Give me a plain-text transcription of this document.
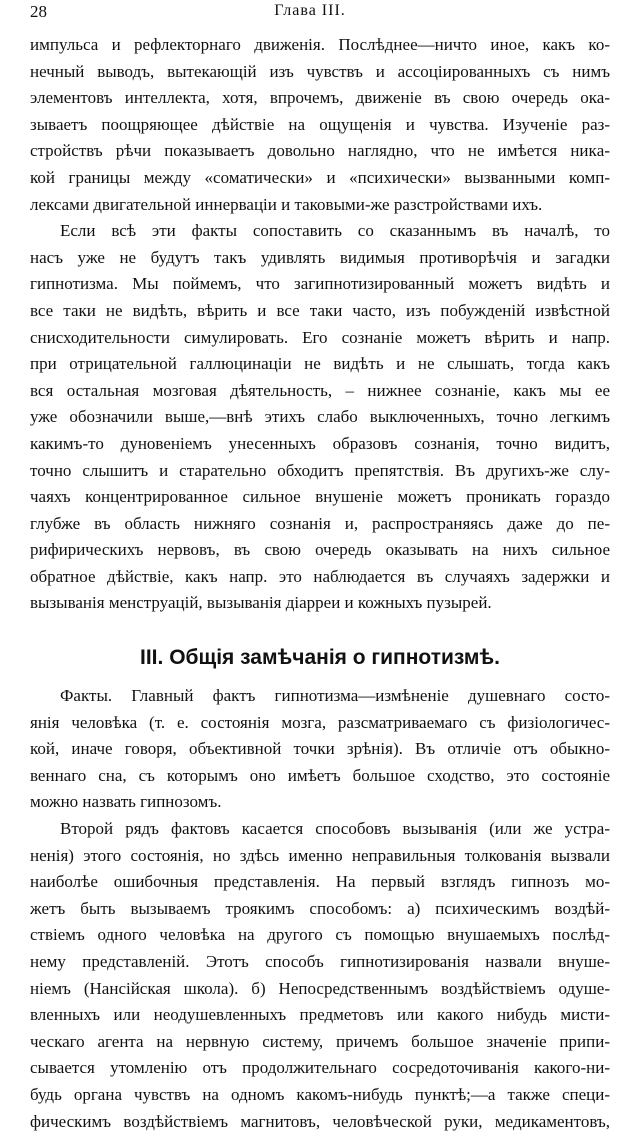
28	Глава III.
импульса и рефлекторнаго движенія. Послѣднее—ничто иное, какъ ко-
нечный выводъ, вытекающій изъ чувствъ и ассоціированныхъ съ нимъ
элементовъ интеллекта, хотя, впрочемъ, движеніе въ свою очередь ока-
зываетъ поощряющее дѣйствіе на ощущенія и чувства. Изученіе раз-
стройствъ рѣчи показываетъ довольно наглядно, что не имѣется никa-
кой границы между «соматически» и «психически» вызванными комп-
лексами двигательной иннерваціи и таковыми-же разстройствами ихъ.
Если всѣ эти факты сопоставить со сказаннымъ въ началѣ, то
насъ уже не будутъ такъ удивлять видимыя противорѣчія и загадки
гипнотизма. Мы поймемъ, что загипнотизированный можетъ видѣть и
все таки не видѣть, вѣрить и все таки часто, изъ побужденій извѣстной
снисходительности симулировать. Его сознаніе можетъ вѣрить и напр.
при отрицательной галлюцинаціи не видѣть и не слышать, тогда какъ
вся остальная мозговая дѣятельность, – нижнее сознаніе, какъ мы ее
уже обозначили выше,—внѣ этихъ слабо выключенныхъ, точно легкимъ
какимъ-то дуновеніемъ унесенныхъ образовъ сознанія, точно видитъ,
точно слышитъ и старательно обходитъ препятствія. Въ другихъ-же слу-
чаяхъ концентрированное сильное внушеніе можетъ проникать гораздо
глубже въ область нижняго сознанія и, распространяясь даже до пе-
рифирическихъ нервовъ, въ свою очередь оказывать на нихъ сильное
обратное дѣйствіе, какъ напр. это наблюдается въ случаяхъ задержки и
вызыванія менструацій, вызыванія діарреи и кожныхъ пузырей.
III. Общія замѣчанія о гипнотизмѣ.
Факты. Главный фактъ гипнотизма—измѣненіе душевнаго состо-
янія человѣка (т. е. состоянія мозга, разсматриваемаго съ физіологичес-
кой, иначе говоря, объективной точки зрѣнія). Въ отличіе отъ обыкно-
веннаго сна, съ которымъ оно имѣетъ большое сходство, это состояніе
можно назвать гипнозомъ.
Второй рядъ фактовъ касается способовъ вызыванія (или же устра-
ненія) этого состоянія, но здѣсь именно неправильныя толкованія вызвали
наиболѣе ошибочныя представленія. На первый взглядъ гипнозъ мо-
жетъ быть вызываемъ троякимъ способомъ: а) психическимъ воздѣй-
ствіемъ одного человѣка на другого съ помощью внушаемыхъ послѣд-
нему представленій. Этотъ способъ гипнотизированія назвали внуше-
ніемъ (Нансійская школа). б) Непосредственнымъ воздѣйствіемъ одуше-
вленныхъ или неодушевленныхъ предметовъ или какого нибудь мисти-
ческаго агента на нервную систему, причемъ большое значеніе припи-
сывается утомленію отъ продолжительнаго сосредоточиванія какого-ни-
будь органа чувствъ на одномъ какомъ-нибудь пунктѣ;—а также специ-
фическимъ воздѣйствіемъ магнитовъ, человѣческой руки, медикаментовъ,
